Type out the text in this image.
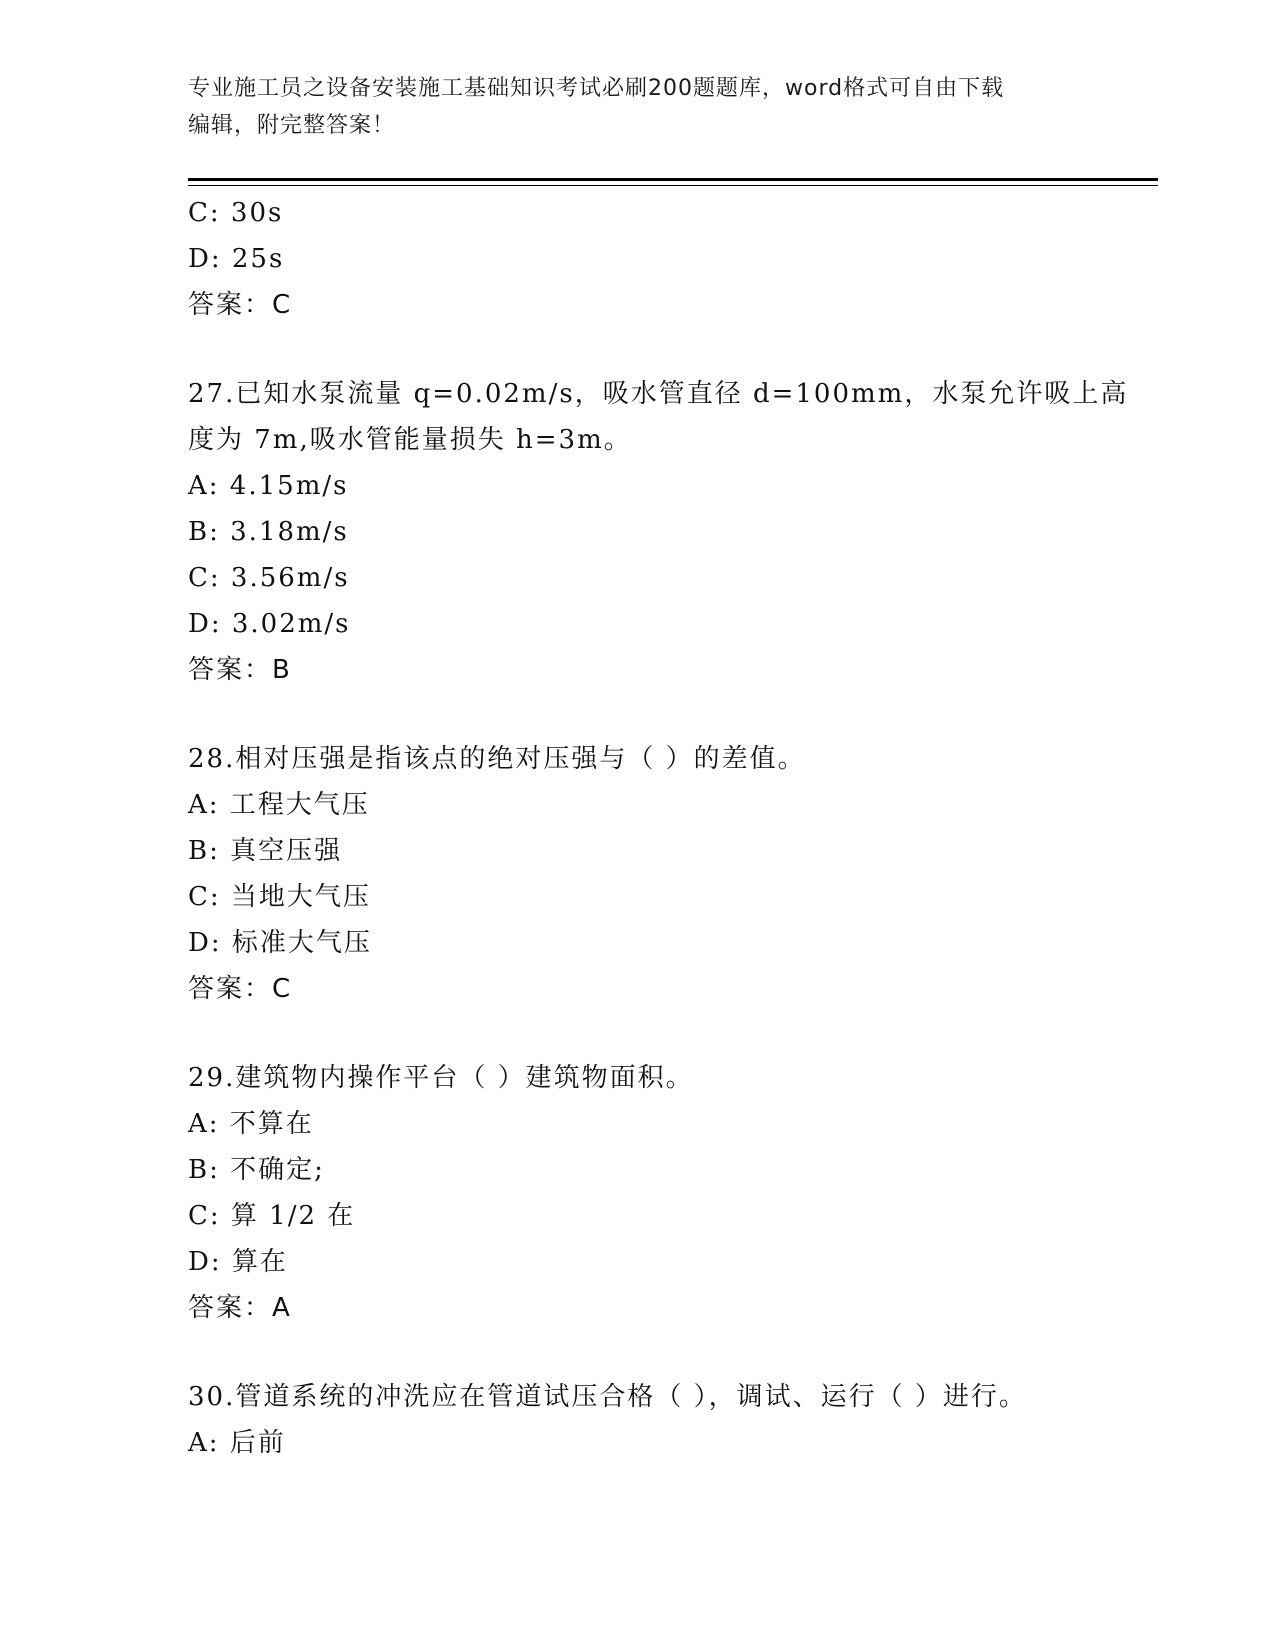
专业施工员之设备安装施工基础知识考试必刷200题题库，word格式可自由下载
编辑，附完整答案！
C: 30s
D: 25s
答案：C
27.已知水泵流量 q=0.02m/s，吸水管直径 d=100mm，水泵允许吸上高
度为 7m,吸水管能量损失 h=3m。
A: 4.15m/s
B: 3.18m/s
C: 3.56m/s
D: 3.02m/s
答案：B
28.相对压强是指该点的绝对压强与（ ）的差值。
A: 工程大气压
B: 真空压强
C: 当地大气压
D: 标准大气压
答案：C
29.建筑物内操作平台（ ）建筑物面积。
A: 不算在
B: 不确定;
C: 算 1/2 在
D: 算在
答案：A
30.管道系统的冲洗应在管道试压合格（ ），调试、运行（ ）进行。
A: 后前
